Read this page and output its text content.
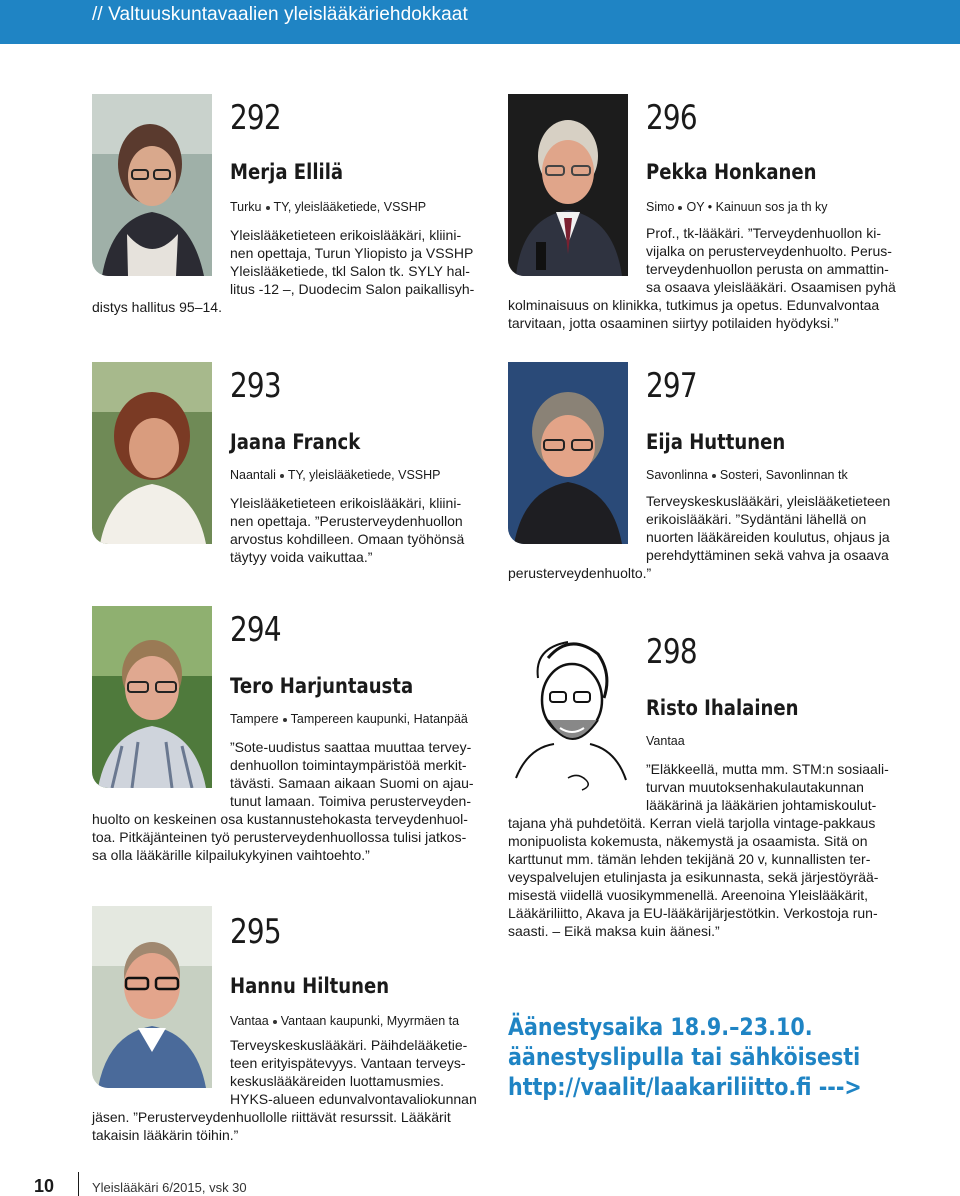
// Valtuuskuntavaalien yleislääkäriehdokkaat
292
Merja Ellilä
Turku TY, yleislääketiede, VSSHP
Yleislääketieteen erikoislääkäri, kliini-
nen opettaja, Turun Yliopisto ja VSSHP
Yleislääketiede, tkl Salon tk. SYLY hal-
litus -12 –, Duodecim Salon paikallisyh-
distys hallitus 95–14.
296
Pekka Honkanen
Simo OY • Kainuun sos ja th ky
Prof., tk-lääkäri. ”Terveydenhuollon ki-
vijalka on perusterveydenhuolto. Perus-
terveydenhuollon perusta on ammattin-
sa osaava yleislääkäri. Osaamisen pyhä
kolminaisuus on klinikka, tutkimus ja opetus. Edunvalvontaa
tarvitaan, jotta osaaminen siirtyy potilaiden hyödyksi.”
293
Jaana Franck
Naantali TY, yleislääketiede, VSSHP
Yleislääketieteen erikoislääkäri, kliini-
nen opettaja. ”Perusterveydenhuollon
arvostus kohdilleen. Omaan työhönsä
täytyy voida vaikuttaa.”
297
Eija Huttunen
Savonlinna Sosteri, Savonlinnan tk
Terveyskeskuslääkäri, yleislääketieteen
erikoislääkäri. ”Sydäntäni lähellä on
nuorten lääkäreiden koulutus, ohjaus ja
perehdyttäminen sekä vahva ja osaava
perusterveydenhuolto.”
294
Tero Harjuntausta
Tampere Tampereen kaupunki, Hatanpää
”Sote-uudistus saattaa muuttaa tervey-
denhuollon toimintaympäristöä merkit-
tävästi. Samaan aikaan Suomi on ajau-
tunut lamaan. Toimiva perusterveyden-
huolto on keskeinen osa kustannustehokasta terveydenhuol-
toa. Pitkäjänteinen työ perusterveydenhuollossa tulisi jatkos-
sa olla lääkärille kilpailukykyinen vaihtoehto.”
298
Risto Ihalainen
Vantaa
”Eläkkeellä, mutta mm. STM:n sosiaali-
turvan muutoksenhakulautakunnan
lääkärinä ja lääkärien johtamiskoulut-
tajana yhä puhdetöitä. Kerran vielä tarjolla vintage-pakkaus
monipuolista kokemusta, näkemystä ja osaamista. Sitä on
karttunut mm. tämän lehden tekijänä 20 v, kunnallisten ter-
veyspalvelujen etulinjasta ja esikunnasta, sekä järjestöyrää-
misestä viidellä vuosikymmenellä. Areenoina Yleislääkärit,
Lääkäriliitto, Akava ja EU-lääkärijärjestötkin. Verkostoja run-
saasti. – Eikä maksa kuin äänesi.”
295
Hannu Hiltunen
Vantaa Vantaan kaupunki, Myyrmäen ta
Terveyskeskuslääkäri. Päihdelääketie-
teen erityispätevyys. Vantaan terveys-
keskuslääkäreiden luottamusmies.
HYKS-alueen edunvalvontavaliokunnan
jäsen. ”Perusterveydenhuollolle riittävät resurssit. Lääkärit
takaisin lääkärin töihin.”
Äänestysaika 18.9.–23.10.
äänestyslipulla tai sähköisesti
http://vaalit/laakariliitto.fi --->
10	Yleislääkäri 6/2015, vsk 30
